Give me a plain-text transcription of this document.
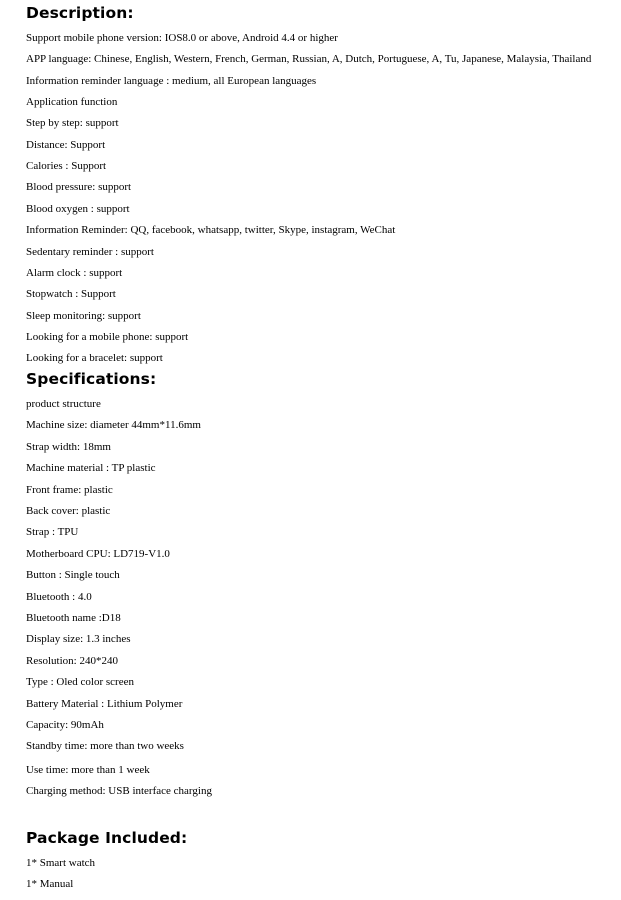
Description:

Support mobile phone version: IOS8.0 or above, Android 4.4 or higher

APP language: Chinese, English, Western, French, German, Russian, A, Dutch, Portuguese, A, Tu, Japanese, Malaysia, Thailand

Information reminder language : medium, all European languages

Application function

Step by step: support

Distance: Support

Calories : Support

Blood pressure: support

Blood oxygen : support

Information Reminder: QQ, facebook, whatsapp, twitter, Skype, instagram, WeChat

Sedentary reminder : support

Alarm clock : support

Stopwatch : Support

Sleep monitoring: support

Looking for a mobile phone: support

Looking for a bracelet: support

Specifications:

product structure

Machine size: diameter 44mm*11.6mm

Strap width: 18mm

Machine material : TP plastic

Front frame: plastic

Back cover: plastic

Strap : TPU

Motherboard CPU: LD719-V1.0

Button : Single touch

Bluetooth : 4.0

Bluetooth name :D18

Display size: 1.3 inches

Resolution: 240*240

Type : Oled color screen

Battery Material : Lithium Polymer

Capacity: 90mAh

Standby time: more than two weeks

Use time: more than 1 week

Charging method: USB interface charging

Package Included:

1* Smart watch

1* Manual
